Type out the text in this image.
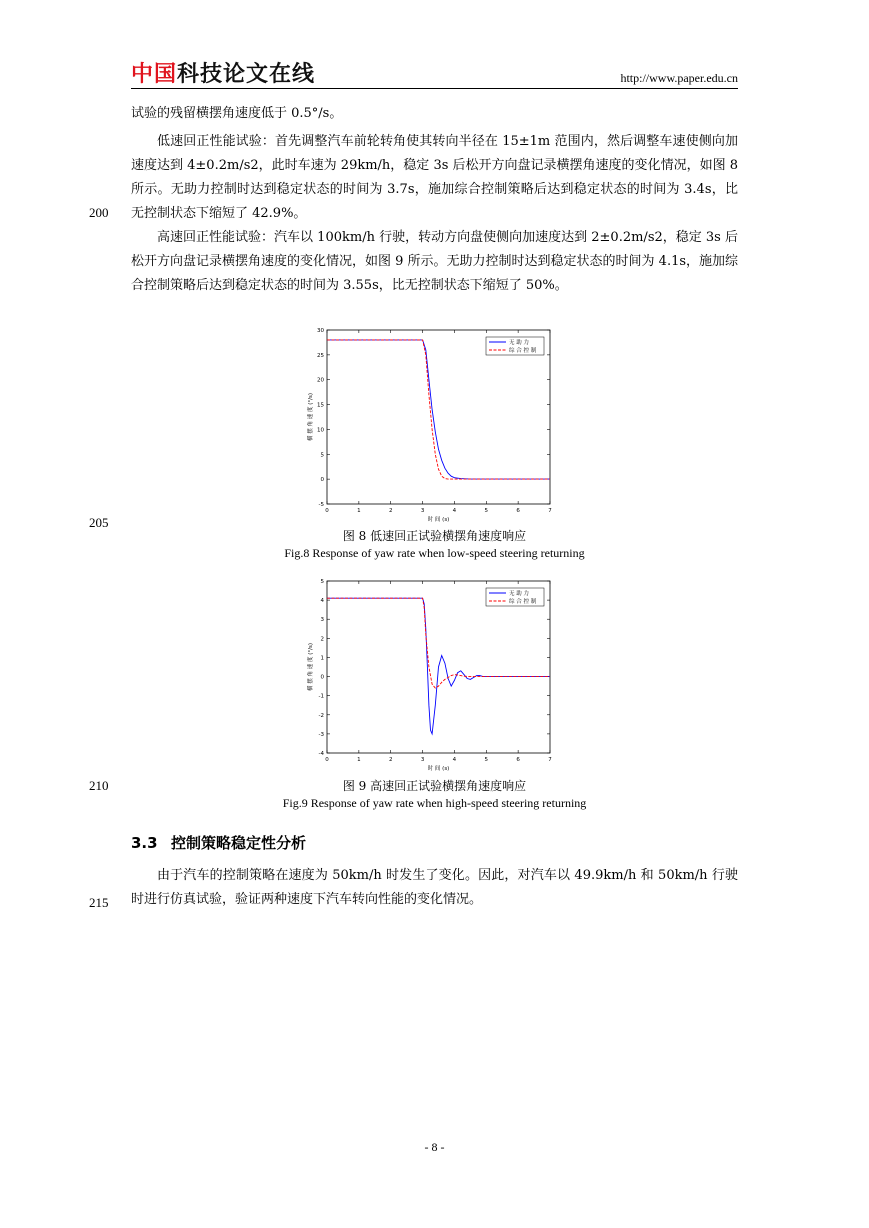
中国科技论文在线	http://www.paper.edu.cn
试验的残留横摆角速度低于 0.5°/s。
低速回正性能试验：首先调整汽车前轮转角使其转向半径在 15±1m 范围内，然后调整车速使侧向加速度达到 4±0.2m/s2，此时车速为 29km/h，稳定 3s 后松开方向盘记录横摆角速度的变化情况，如图 8 所示。无助力控制时达到稳定状态的时间为 3.7s，施加综合控制策略后达到稳定状态的时间为 3.4s，比无控制状态下缩短了 42.9%。
高速回正性能试验：汽车以 100km/h 行驶，转动方向盘使侧向加速度达到 2±0.2m/s2，稳定 3s 后松开方向盘记录横摆角速度的变化情况，如图 9 所示。无助力控制时达到稳定状态的时间为 4.1s，施加综合控制策略后达到稳定状态的时间为 3.55s，比无控制状态下缩短了 50%。
200
205
210
215
0	1	2	3	4	5	6	7
-5
0
5
10
15
20
25
30
时 间 (s)
横 摆 角 速 度 (°/s)
无 助 力
综 合 控 制
图 8 低速回正试验横摆角速度响应
Fig.8 Response of yaw rate when low-speed steering returning
0	1	2	3	4	5	6	7
-4
-3
-2
-1
0
1
2
3
4
5
时 间 (s)
横 摆 角 速 度 (°/s)
无 助 力
综 合 控 制
图 9 高速回正试验横摆角速度响应
Fig.9 Response of yaw rate when high-speed steering returning
3.3 控制策略稳定性分析
由于汽车的控制策略在速度为 50km/h 时发生了变化。因此，对汽车以 49.9km/h 和 50km/h 行驶时进行仿真试验，验证两种速度下汽车转向性能的变化情况。
- 8 -
